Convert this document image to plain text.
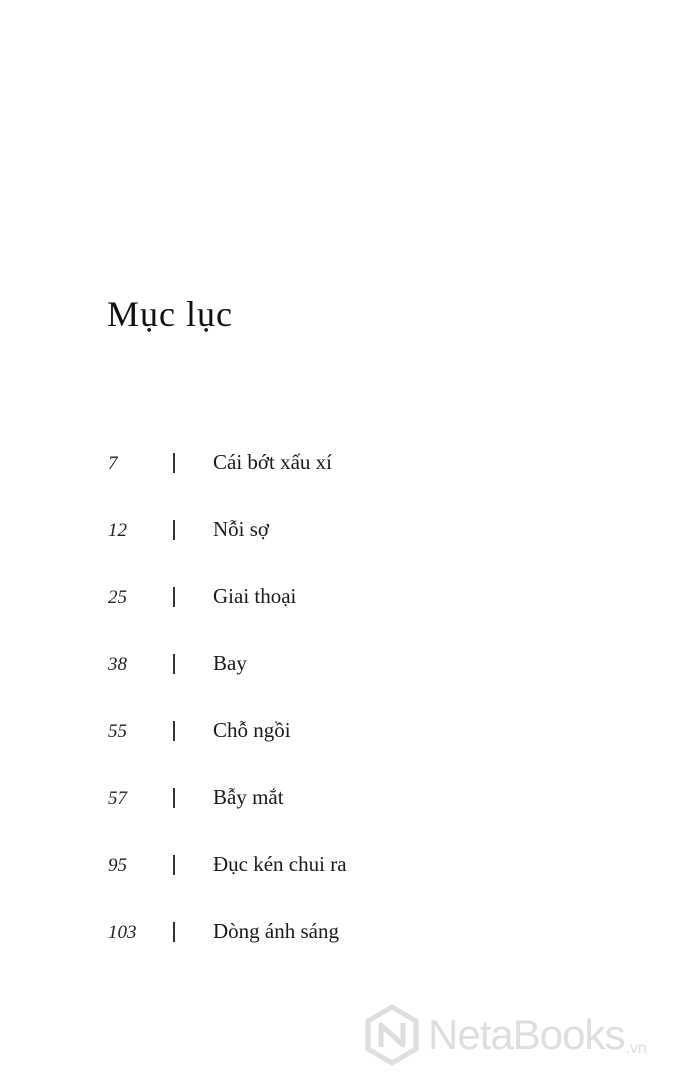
Mục lục
7	Cái bớt xấu xí
12	Nỗi sợ
25	Giai thoại
38	Bay
55	Chỗ ngồi
57	Bẫy mắt
95	Đục kén chui ra
103	Dòng ánh sáng
NetaBooks .vn
